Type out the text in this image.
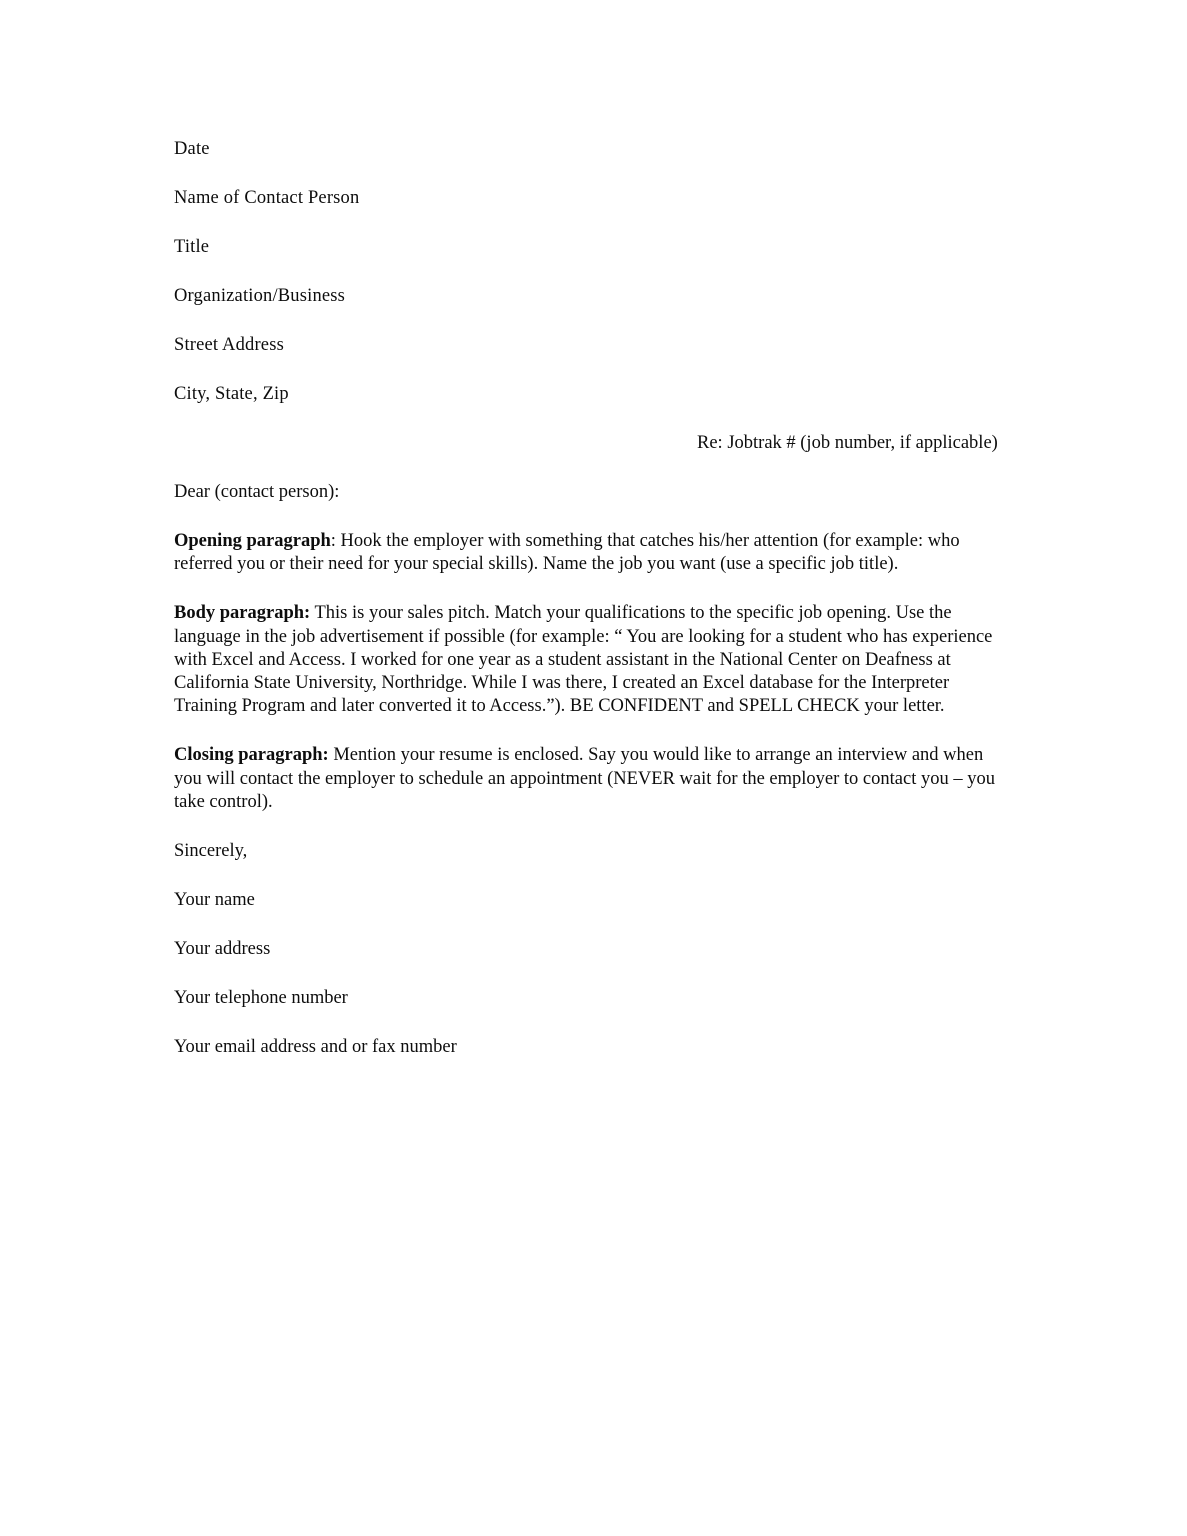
Date

Name of Contact Person

Title

Organization/Business

Street Address

City, State, Zip

Re: Jobtrak # (job number, if applicable)

Dear (contact person):

Opening paragraph: Hook the employer with something that catches his/her attention (for example: who referred you or their need for your special skills). Name the job you want (use a specific job title).

Body paragraph: This is your sales pitch. Match your qualifications to the specific job opening. Use the language in the job advertisement if possible (for example: “ You are looking for a student who has experience with Excel and Access. I worked for one year as a student assistant in the National Center on Deafness at California State University, Northridge. While I was there, I created an Excel database for the Interpreter Training Program and later converted it to Access.”). BE CONFIDENT and SPELL CHECK your letter.

Closing paragraph: Mention your resume is enclosed. Say you would like to arrange an interview and when you will contact the employer to schedule an appointment (NEVER wait for the employer to contact you – you take control).

Sincerely,

Your name

Your address

Your telephone number

Your email address and or fax number
